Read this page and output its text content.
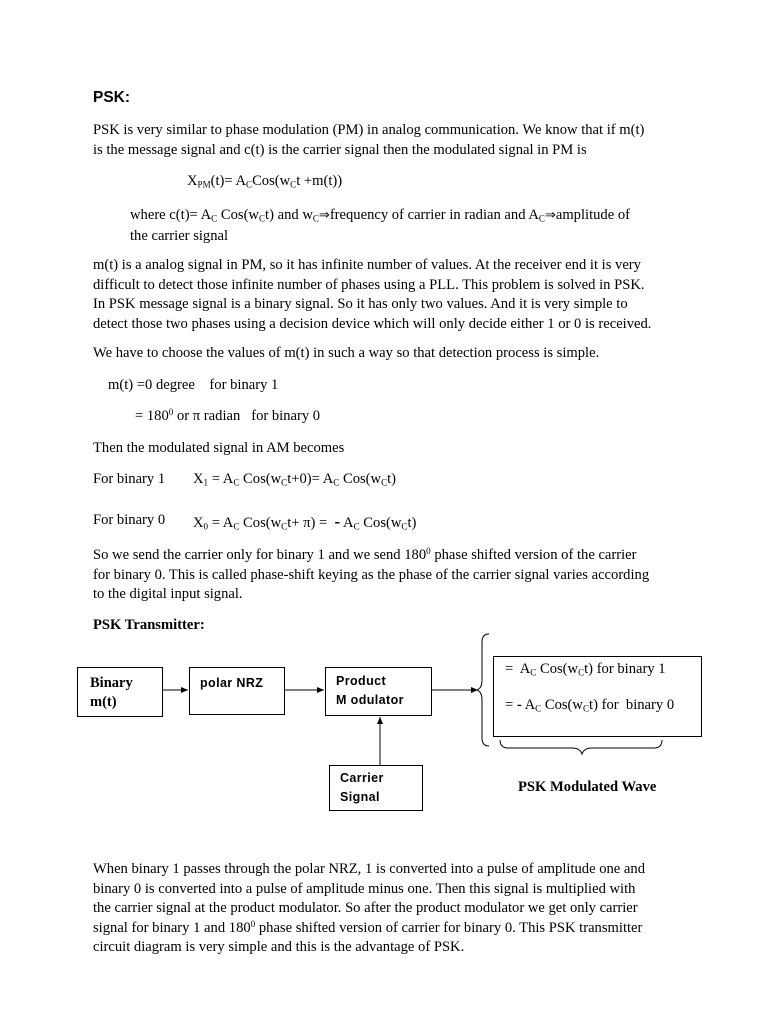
PSK:
PSK is very similar to phase modulation (PM) in analog communication. We know that if m(t)
is the message signal and c(t) is the carrier signal then the modulated signal in PM is
$X_{PM}(t)= A_CCos(w_Ct +m(t))$
where $c(t)= A_C$ $Cos(w_Ct)$ and $w_C\Rightarrow frequency$ of carrier in radian and $A_C\Rightarrow amplitude$ of
the carrier signal
m(t) is a analog signal in PM, so it has infinite number of values. At the receiver end it is very
difficult to detect those infinite number of phases using a PLL. This problem is solved in PSK.
In PSK message signal is a binary signal. So it has only two values. And it is very simple to
detect those two phases using a decision device which will only decide either 1 or 0 is received.
We have to choose the values of m(t) in such a way so that detection process is simple.
m(t) =0 degree    for binary 1
= $180^0$ or π radian   for binary 0
Then the modulated signal in AM becomes
For binary 1 $X_1 = A_C$ $Cos(w_Ct+0)= A_C$ $Cos(w_Ct)$
For binary 0 $X_0 = A_C$ $Cos(w_Ct+ \pi)$ =  - $A_C$ $Cos(w_Ct)$
So we send the carrier only for binary 1 and we send $180^0$ phase shifted version of the carrier
for binary 0. This is called phase-shift keying as the phase of the carrier signal varies according
to the digital input signal.
PSK Transmitter:
Binary
m(t)
polar NRZ	Product
M odulator
Carrier
Signal
=  $A_C$ $Cos(w_Ct)$ for binary 1
= - $A_C$ $Cos(w_Ct)$ for  binary 0
PSK Modulated Wave
When binary 1 passes through the polar NRZ, 1 is converted into a pulse of amplitude one and
binary 0 is converted into a pulse of amplitude minus one. Then this signal is multiplied with
the carrier signal at the product modulator. So after the product modulator we get only carrier
signal for binary 1 and $180^0$ phase shifted version of carrier for binary 0. This PSK transmitter
circuit diagram is very simple and this is the advantage of PSK.
